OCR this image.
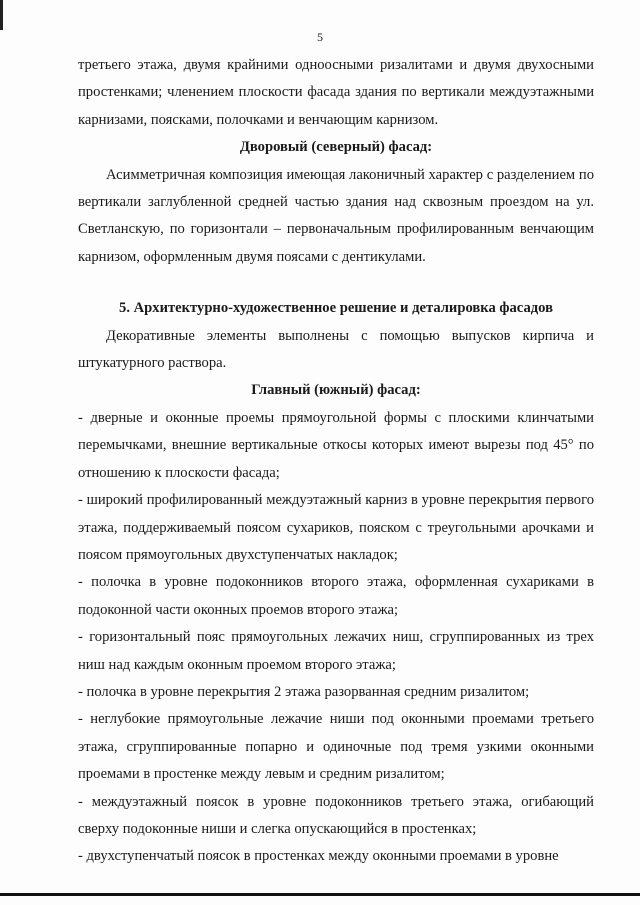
5

третьего этажа, двумя крайними одноосными ризалитами и двумя двухосными простенками; членением плоскости фасада здания по вертикали междуэтажными карнизами, поясками, полочками и венчающим карнизом.

Дворовый (северный) фасад:

Асимметричная композиция имеющая лаконичный характер с разделением по вертикали заглубленной средней частью здания над сквозным проездом на ул. Светланскую, по горизонтали – первоначальным профилированным венчающим карнизом, оформленным двумя поясами с дентикулами.

5. Архитектурно-художественное решение и деталировка фасадов

Декоративные элементы выполнены с помощью выпусков кирпича и штукатурного раствора.

Главный (южный) фасад:

- дверные и оконные проемы прямоугольной формы с плоскими клинчатыми перемычками, внешние вертикальные откосы которых имеют вырезы под 45° по отношению к плоскости фасада;

- широкий профилированный междуэтажный карниз в уровне перекрытия первого этажа, поддерживаемый поясом сухариков, пояском с треугольными арочками и поясом прямоугольных двухступенчатых накладок;

- полочка в уровне подоконников второго этажа, оформленная сухариками в подоконной части оконных проемов второго этажа;

- горизонтальный пояс прямоугольных лежачих ниш, сгруппированных из трех ниш над каждым оконным проемом второго этажа;

- полочка в уровне перекрытия 2 этажа разорванная средним ризалитом;

- неглубокие прямоугольные лежачие ниши под оконными проемами третьего этажа, сгруппированные попарно и одиночные под тремя узкими оконными проемами в простенке между левым и средним ризалитом;

- междуэтажный поясок в уровне подоконников третьего этажа, огибающий сверху подоконные ниши и слегка опускающийся в простенках;

- двухступенчатый поясок в простенках между оконными проемами в уровне
